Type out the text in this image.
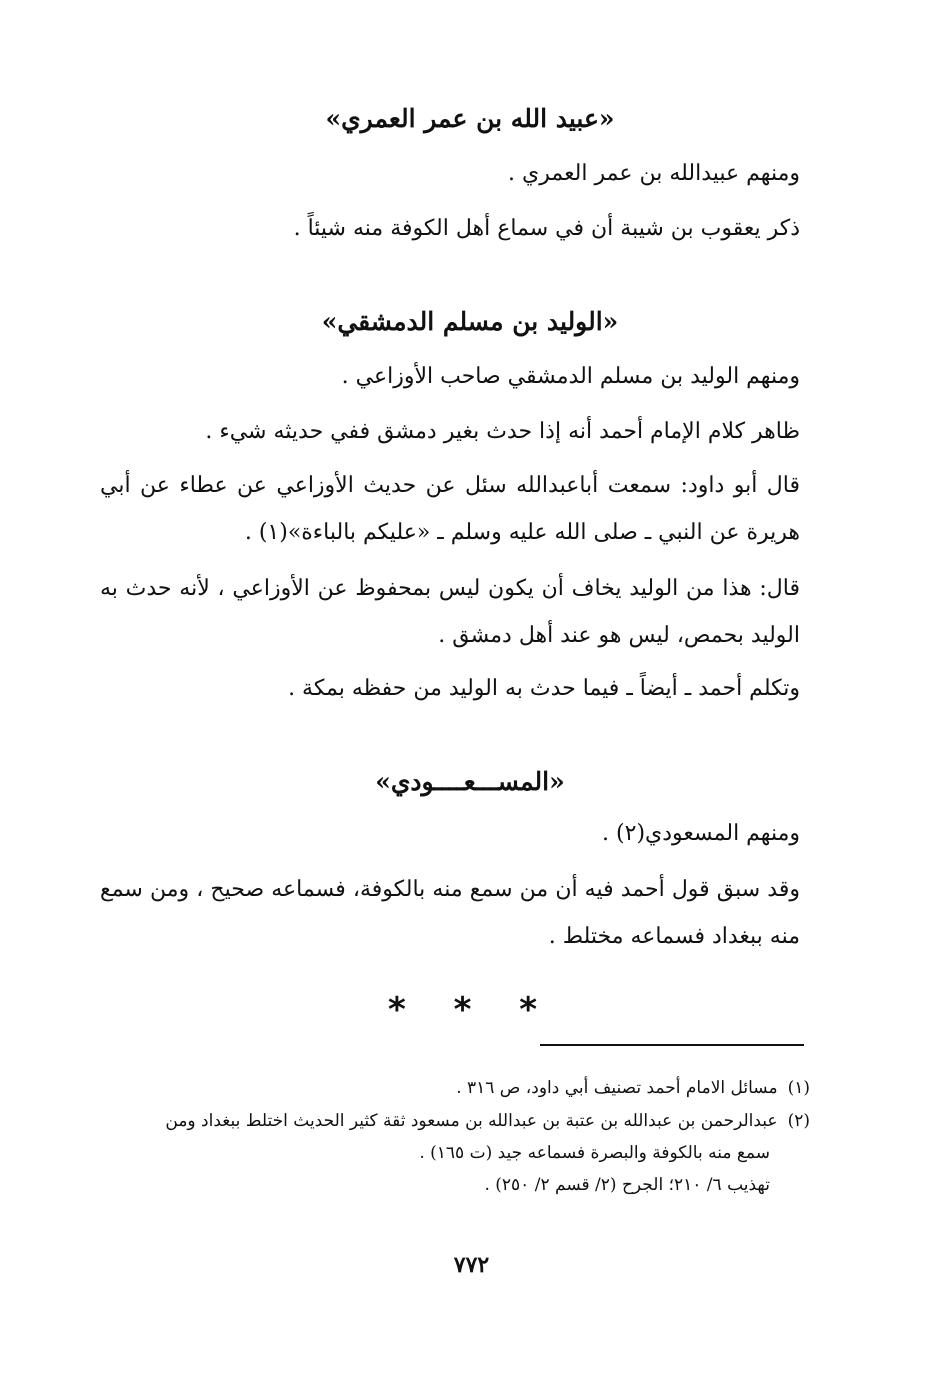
«عبيد الله بن عمر العمري»
ومنهم عبيدالله بن عمر العمري .
ذكر يعقوب بن شيبة أن في سماع أهل الكوفة منه شيئاً .
«الوليد بن مسلم الدمشقي»
ومنهم الوليد بن مسلم الدمشقي صاحب الأوزاعي .
ظاهر كلام الإمام أحمد أنه إذا حدث بغير دمشق ففي حديثه شيء .
قال أبو داود: سمعت أباعبدالله سئل عن حديث الأوزاعي عن عطاء عن أبي هريرة عن النبي ـ صلى الله عليه وسلم ـ «عليكم بالباءة»(١) .
قال: هذا من الوليد يخاف أن يكون ليس بمحفوظ عن الأوزاعي ، لأنه حدث به الوليد بحمص، ليس هو عند أهل دمشق .
وتكلم أحمد ـ أيضاً ـ فيما حدث به الوليد من حفظه بمكة .
«المســـعــــودي»
ومنهم المسعودي(٢) .
وقد سبق قول أحمد فيه أن من سمع منه بالكوفة، فسماعه صحيح ، ومن سمع منه ببغداد فسماعه مختلط .
* * *
(١)مسائل الامام أحمد تصنيف أبي داود، ص ٣١٦ .
(٢)عبدالرحمن بن عبدالله بن عتبة بن عبدالله بن مسعود ثقة كثير الحديث اختلط ببغداد ومن
سمع منه بالكوفة والبصرة فسماعه جيد (ت ١٦٥) .
تهذيب ٦/ ٢١٠؛ الجرح (٢/ قسم ٢/ ٢٥٠) .
٧٧٢
